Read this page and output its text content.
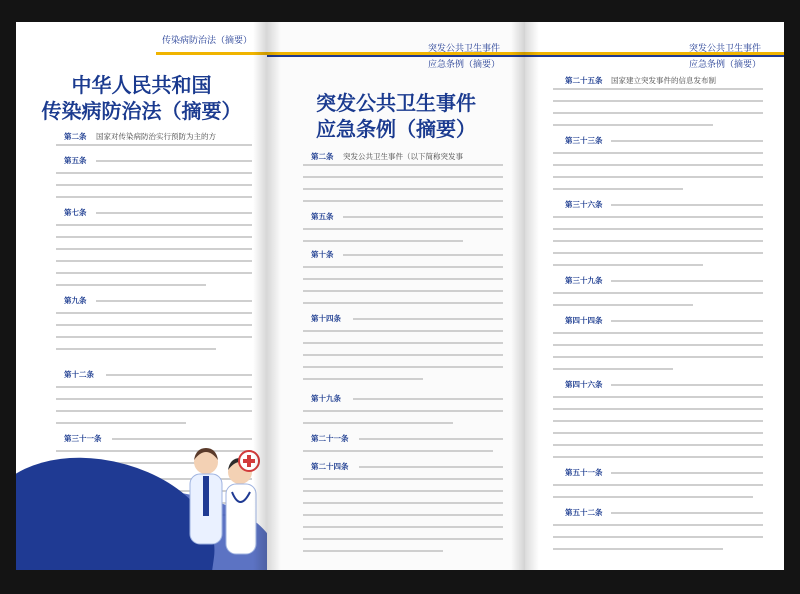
传染病防治法（摘要）
中华人民共和国
传染病防治法（摘要）
第二条 国家对传染病防治实行预防为主的方
第五条
第七条
第九条
第十二条
第三十一条
突发公共卫生事件
应急条例（摘要）
突发公共卫生事件
应急条例（摘要）
第二条 突发公共卫生事件（以下简称突发事
第五条
第十条
第十四条
第十九条
第二十一条
第二十四条
突发公共卫生事件
应急条例（摘要）
第二十五条 国家建立突发事件的信息发布制
第三十三条
第三十六条
第三十九条
第四十四条
第四十六条
第五十一条
第五十二条
